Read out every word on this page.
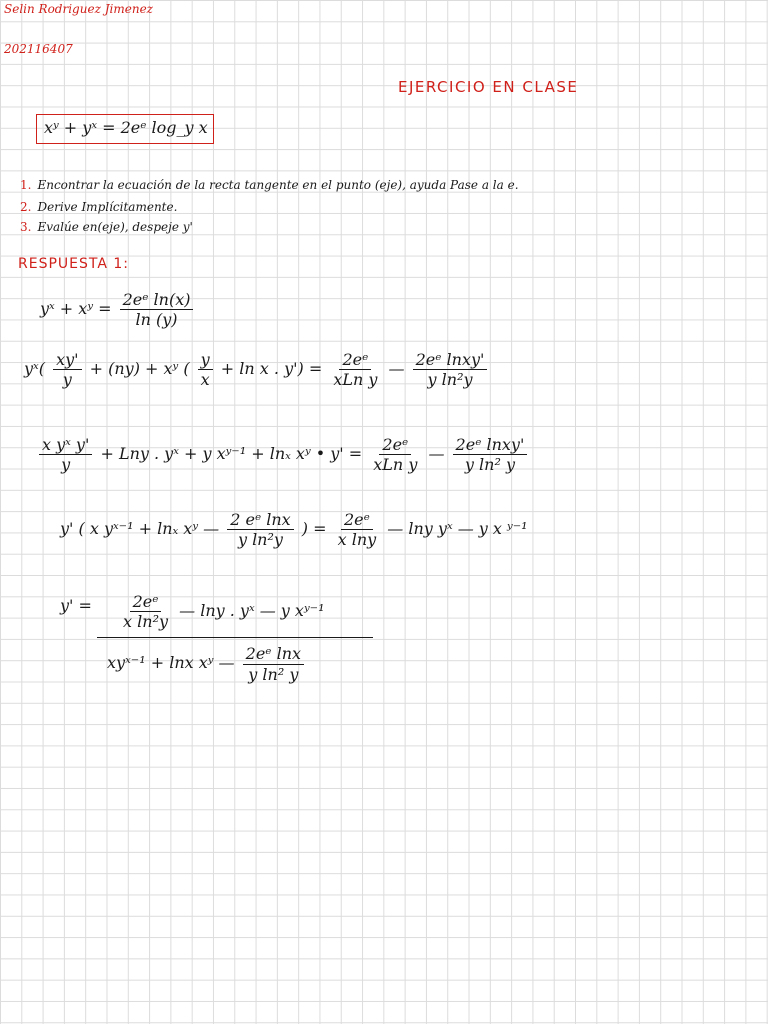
Selin Rodriguez Jimenez
202116407
EJERCICIO EN CLASE
xʸ + yˣ = 2eᵉ log_y x
1. Encontrar la ecuación de la recta tangente en el punto (eje), ayuda Pase a la e.
2. Derive Implícitamente.
3. Evalúe en(eje), despeje y'
RESPUESTA 1:
yˣ + xʸ = $\frac{\text{2eᵉ ln(x)}}{\ln (y)}$
yˣ( $\frac{xy'}{y} + (ny)$ + xʸ ( $\frac{y}{x} + \ln x$ . $y') = \frac{\text{2eᵉ}}{\text{xLn y}}$ — $\frac{\text{2eᵉ lnxy'}}{\text{y ln²y}}$
$\frac{\text{x yˣ y'}}{y}$ + Lny . yˣ + y xʸ⁻¹ + lnₓ xʸ • $y' = \frac{\text{2eᵉ}}{\text{xLn y}}$ — $\frac{\text{2eᵉ lnxy'}}{\text{y ln² y}}$
y' ( x yˣ⁻¹ + lnₓ xʸ — $\frac{\text{2 eᵉ lnx}}{\text{y ln²y}}$ ) = $\frac{\text{2eᵉ}}{\text{x lny}}$ — lny yˣ — y x ʸ⁻¹
$y' = \frac{\text{2eᵉ}}{\text{x ln²y}}$ — lny . yˣ — y xʸ⁻¹
xyˣ⁻¹ + lnx xʸ — $\frac{\text{2eᵉ lnx}}{\text{y ln² y}}$
